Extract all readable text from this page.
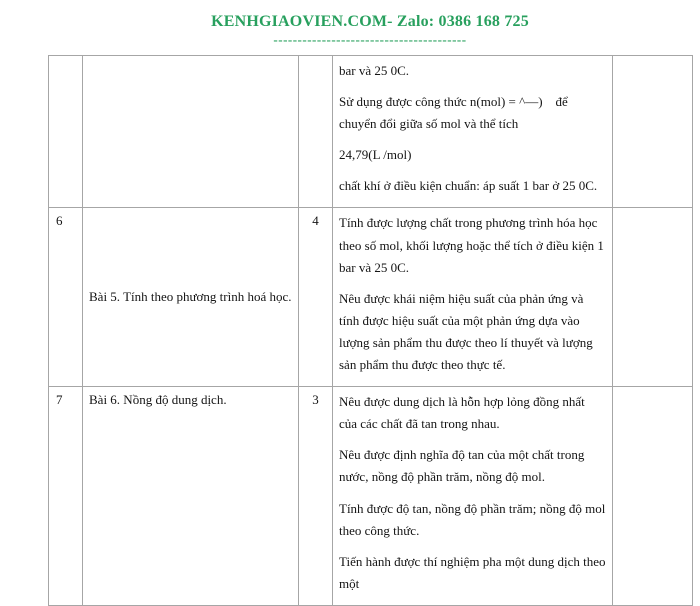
KENHGIAOVIEN.COM- Zalo: 0386 168 725
----------------------------------------

			bar và 25 0C.

Sử dụng được công thức n(mol) = ^—)    để chuyển đổi giữa số mol và thể tích

24,79(L /mol)

chất khí ở điều kiện chuẩn: áp suất 1 bar ở 25 0C.	

6	Bài 5. Tính theo phương trình hoá học.	4	Tính được lượng chất trong phương trình hóa học theo số mol, khối lượng hoặc thể tích ở điều kiện 1 bar và 25 0C.

Nêu được khái niệm hiệu suất của phản ứng và tính được hiệu suất của một phản ứng dựa vào lượng sản phẩm thu được theo lí thuyết và lượng sản phẩm thu được theo thực tế.	

7	Bài 6. Nồng độ dung dịch.	3	Nêu được dung dịch là hỗn hợp lỏng đồng nhất của các chất đã tan trong nhau.

Nêu được định nghĩa độ tan của một chất trong nước, nồng độ phần trăm, nồng độ mol.

Tính được độ tan, nồng độ phần trăm; nồng độ mol theo công thức.

Tiến hành được thí nghiệm pha một dung dịch theo một	
